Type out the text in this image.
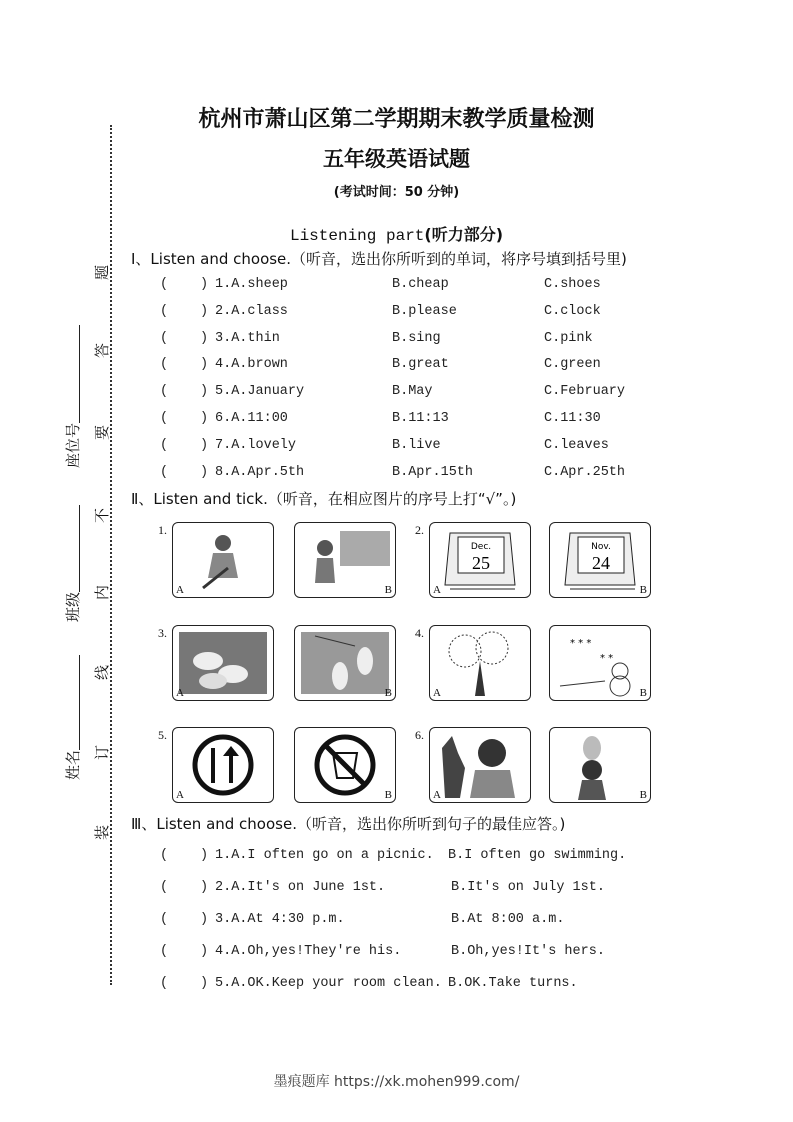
题
答
要
不
内
线
订
装
座位号
班级
姓名
杭州市萧山区第二学期期末教学质量检测
五年级英语试题
(考试时间：50 分钟)
Listening part(听力部分)
Ⅰ、Listen and choose.（听音，选出你所听到的单词，将序号填到括号里)
( ) 1.A.sheep	B.cheap	C.shoes
( ) 2.A.class	B.please	C.clock
( ) 3.A.thin	B.sing	C.pink
( ) 4.A.brown	B.great	C.green
( ) 5.A.January	B.May	C.February
( ) 6.A.11:00	B.11:13	C.11:30
( ) 7.A.lovely	B.live	C.leaves
( ) 8.A.Apr.5th	B.Apr.15th	C.Apr.25th
Ⅱ、Listen and tick.（听音，在相应图片的序号上打“√”。)
A	B
Dec.
25
A
Nov.
24
B
1.	2.
A	B	A
* * *
* *
B
3.	4.
A	B	A	B
5.	6.
Ⅲ、Listen and choose.（听音，选出你所听到句子的最佳应答。)
( ) 1.A.I often go on a picnic. B.I often go swimming.
( ) 2.A.It's on June 1st.	B.It's on July 1st.
( ) 3.A.At 4:30 p.m.	B.At 8:00 a.m.
( ) 4.A.Oh,yes!They're his.	B.Oh,yes!It's hers.
( ) 5.A.OK.Keep your room clean. B.OK.Take turns.
墨痕题库 https://xk.mohen999.com/
